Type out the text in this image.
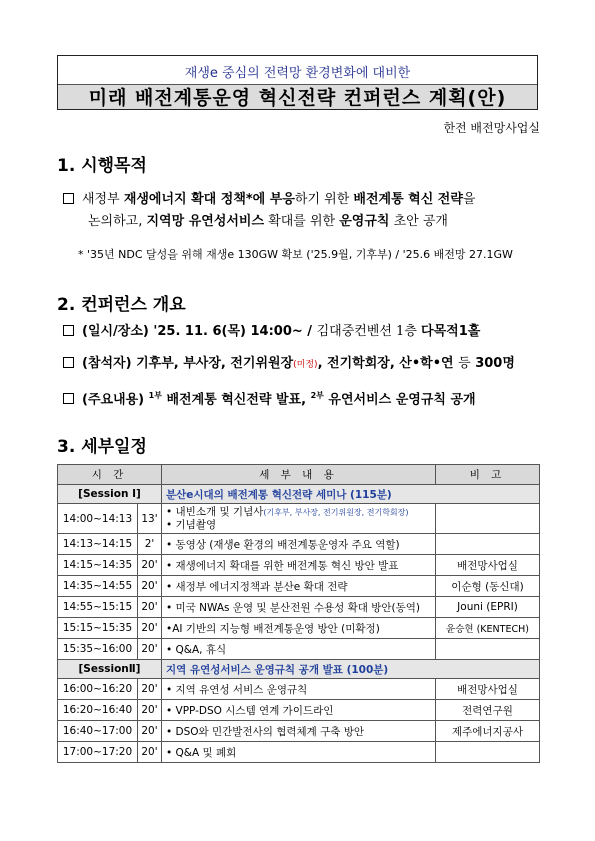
재생e 중심의 전력망 환경변화에 대비한
미래 배전계통운영 혁신전략 컨퍼런스 계획(안)
한전 배전망사업실
1. 시행목적
새정부 재생에너지 확대 정책*에 부응하기 위한 배전계통 혁신 전략을
논의하고, 지역망 유연성서비스 확대를 위한 운영규칙 초안 공개
* '35년 NDC 달성을 위해 재생e 130GW 확보 ('25.9월, 기후부) / '25.6 배전망 27.1GW
2. 컨퍼런스 개요
(일시/장소) '25. 11. 6(목) 14:00~ / 김대중컨벤션 1층 다목적1홀
(참석자) 기후부, 부사장, 전기위원장(미정), 전기학회장, 산•학•연 등 300명
(주요내용) $^{1부}$ 배전계통 혁신전략 발표, $^{2부}$ 유연서비스 운영규칙 공개
3. 세부일정
시 간		세 부 내 용	비 고
[Session Ⅰ]		분산e시대의 배전계통 혁신전략 세미나 (115분)	
14:00~14:13	13'	• 내빈소개 및 기념사(기후부, 부사장, 전기위원장, 전기학회장)
• 기념촬영	

14:13~14:15	2'	• 동영상 (재생e 환경의 배전계통운영자 주요 역할)	
14:15~14:35	20'	• 재생에너지 확대를 위한 배전계통 혁신 방안 발표	배전망사업실
14:35~14:55	20'	• 새정부 에너지정책과 분산e 확대 전략	이순형 (동신대)
14:55~15:15	20'	• 미국 NWAs 운영 및 분산전원 수용성 확대 방안(동역)	Jouni (EPRI)
15:15~15:35	20'	•AI 기반의 지능형 배전계통운영 방안 (미확정)	윤승현 (KENTECH)
15:35~16:00	20'	• Q&A, 휴식	
[SessionⅡ]		지역 유연성서비스 운영규칙 공개 발표 (100분)	
16:00~16:20	20'	• 지역 유연성 서비스 운영규칙	배전망사업실
16:20~16:40	20'	• VPP-DSO 시스템 연계 가이드라인	전력연구원
16:40~17:00	20'	• DSO와 민간발전사의 협력체계 구축 방안	제주에너지공사
17:00~17:20	20'	• Q&A 및 폐회	
